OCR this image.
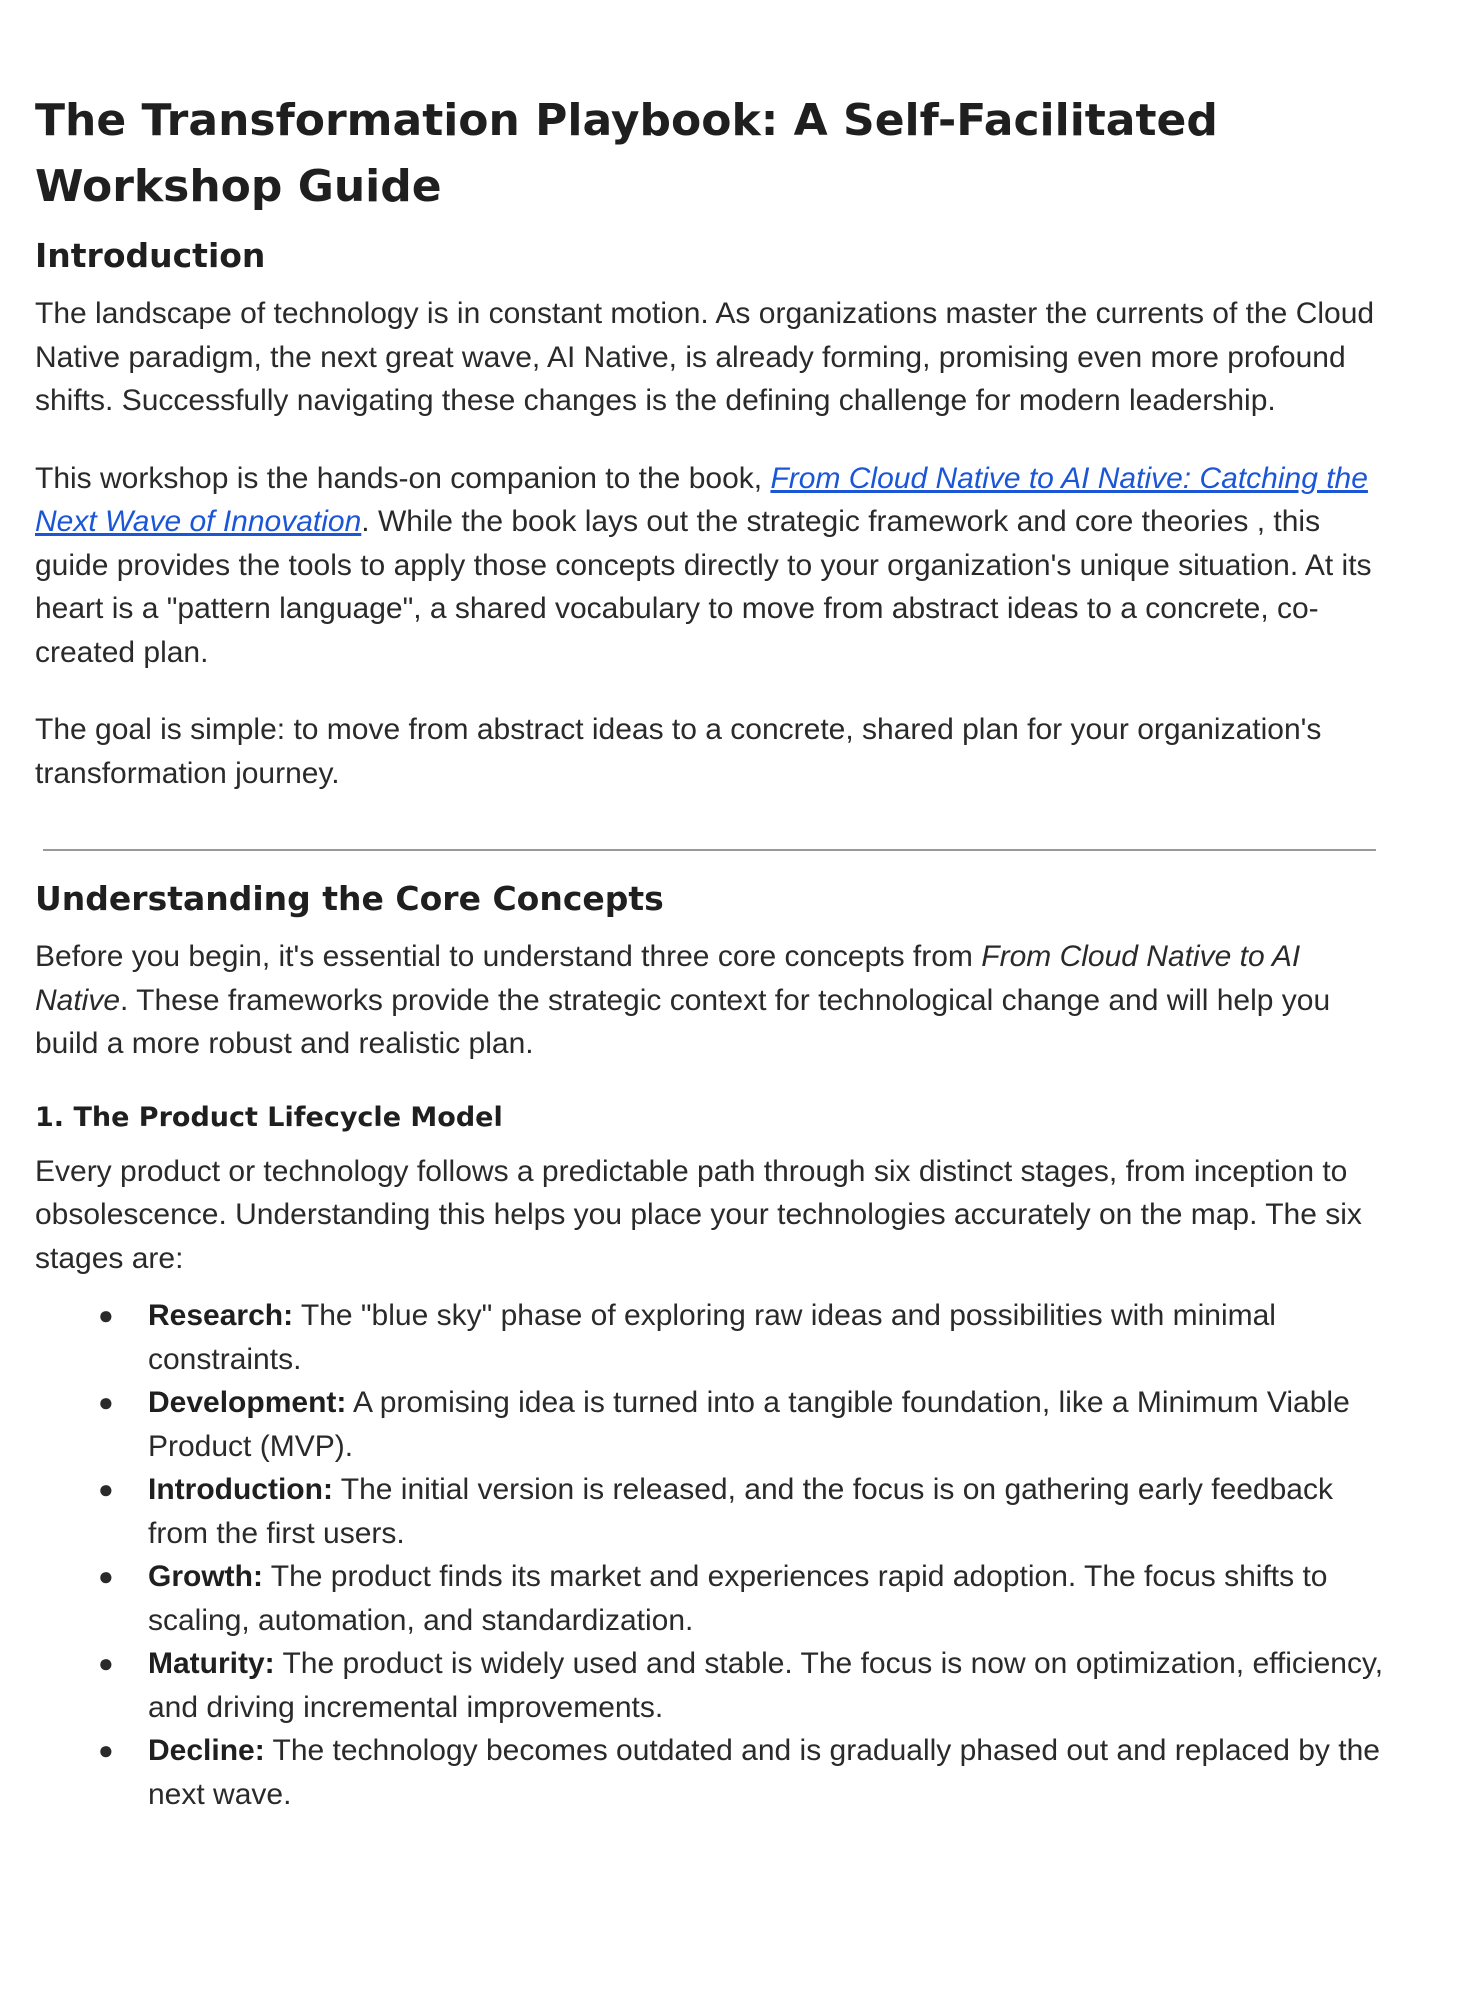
The Transformation Playbook: A Self-Facilitated Workshop Guide
Introduction

The landscape of technology is in constant motion. As organizations master the currents of the Cloud Native paradigm, the next great wave, AI Native, is already forming, promising even more profound shifts. Successfully navigating these changes is the defining challenge for modern leadership.

This workshop is the hands-on companion to the book, From Cloud Native to AI Native: Catching the Next Wave of Innovation. While the book lays out the strategic framework and core theories , this guide provides the tools to apply those concepts directly to your organization's unique situation. At its heart is a "pattern language", a shared vocabulary to move from abstract ideas to a concrete, co-created plan.

The goal is simple: to move from abstract ideas to a concrete, shared plan for your organization's transformation journey.

Understanding the Core Concepts

Before you begin, it's essential to understand three core concepts from From Cloud Native to AI Native. These frameworks provide the strategic context for technological change and will help you build a more robust and realistic plan.

1. The Product Lifecycle Model

Every product or technology follows a predictable path through six distinct stages, from inception to obsolescence. Understanding this helps you place your technologies accurately on the map. The six stages are:

● Research: The "blue sky" phase of exploring raw ideas and possibilities with minimal constraints.
● Development: A promising idea is turned into a tangible foundation, like a Minimum Viable Product (MVP).
● Introduction: The initial version is released, and the focus is on gathering early feedback from the first users.
● Growth: The product finds its market and experiences rapid adoption. The focus shifts to scaling, automation, and standardization.
● Maturity: The product is widely used and stable. The focus is now on optimization, efficiency, and driving incremental improvements.
● Decline: The technology becomes outdated and is gradually phased out and replaced by the next wave.
